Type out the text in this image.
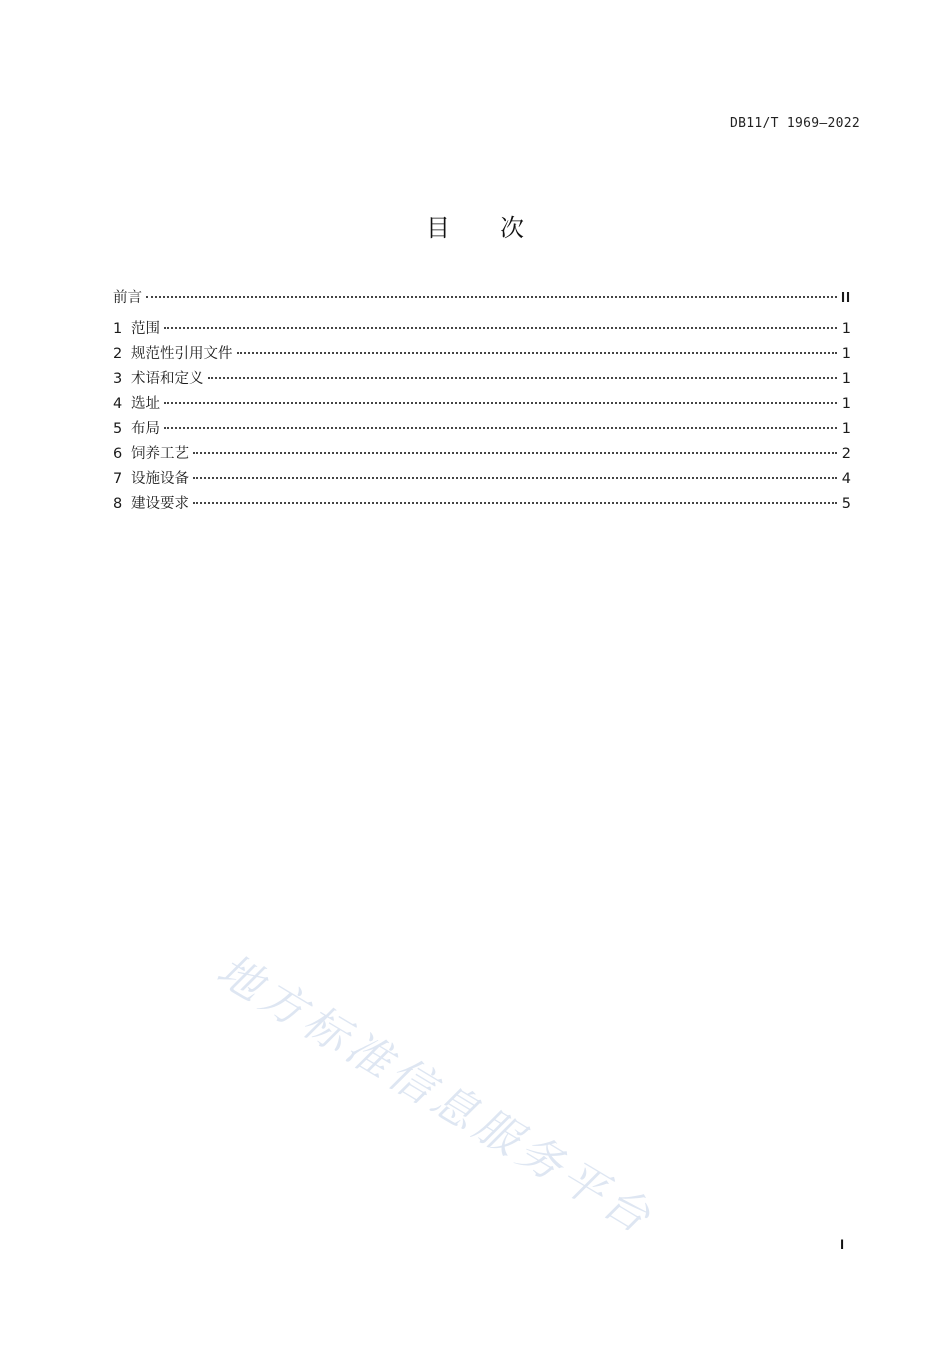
DB11/T 1969—2022
目次
前言	II
1 范围	1
2 规范性引用文件	1
3 术语和定义	1
4 选址	1
5 布局	1
6 饲养工艺	2
7 设施设备	4
8 建设要求	5
地方标准信息服务平台	I
